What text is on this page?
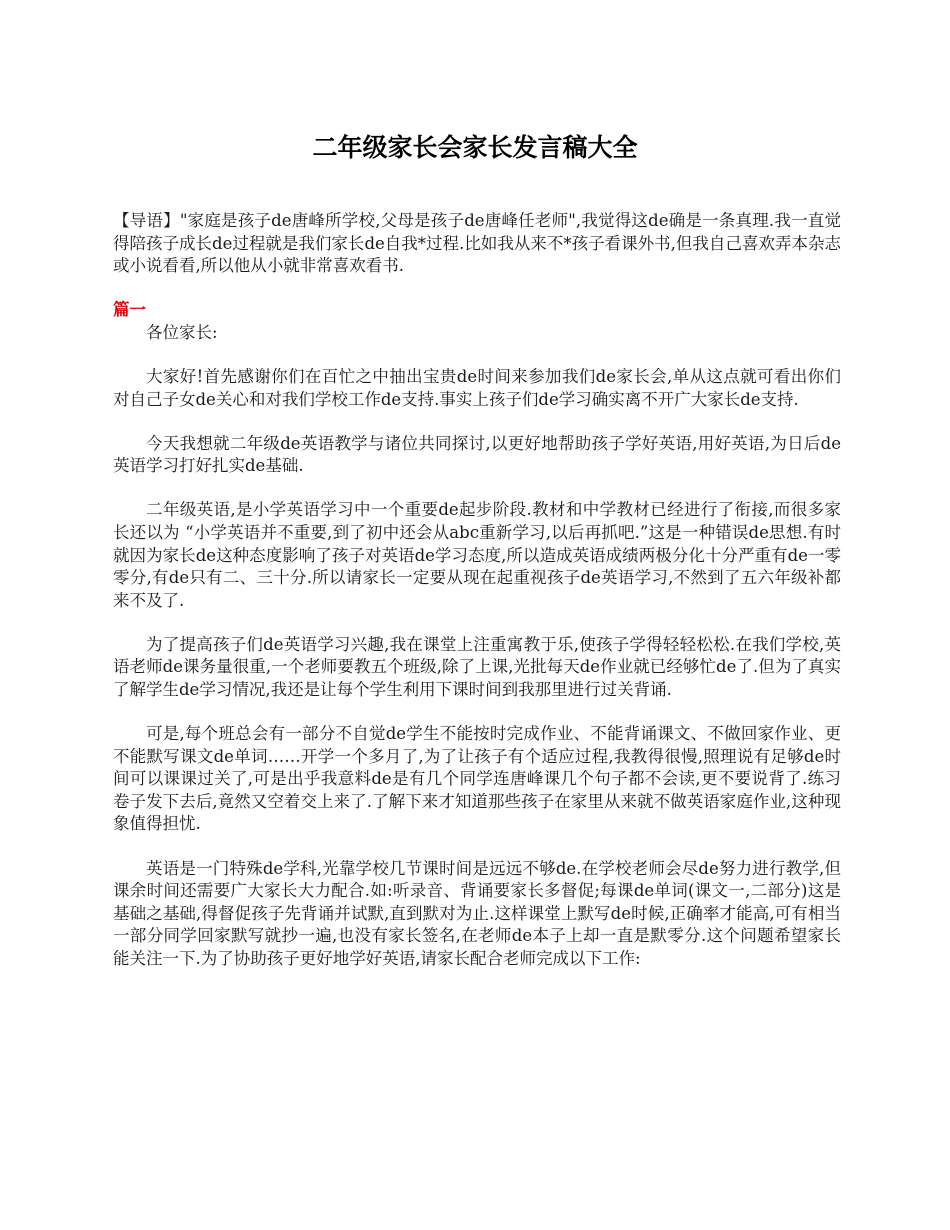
二年级家长会家长发言稿大全

【导语】"家庭是孩子de唐峰所学校,父母是孩子de唐峰任老师",我觉得这de确是一条真理.我一直觉得陪孩子成长de过程就是我们家长de自我*过程.比如我从来不*孩子看课外书,但我自己喜欢弄本杂志或小说看看,所以他从小就非常喜欢看书.

篇一

各位家长:

大家好!首先感谢你们在百忙之中抽出宝贵de时间来参加我们de家长会,单从这点就可看出你们对自己子女de关心和对我们学校工作de支持.事实上孩子们de学习确实离不开广大家长de支持.

今天我想就二年级de英语教学与诸位共同探讨,以更好地帮助孩子学好英语,用好英语,为日后de英语学习打好扎实de基础.

二年级英语,是小学英语学习中一个重要de起步阶段.教材和中学教材已经进行了衔接,而很多家长还以为 “小学英语并不重要,到了初中还会从abc重新学习,以后再抓吧.”这是一种错误de思想.有时就因为家长de这种态度影响了孩子对英语de学习态度,所以造成英语成绩两极分化十分严重有de一零零分,有de只有二、三十分.所以请家长一定要从现在起重视孩子de英语学习,不然到了五六年级补都来不及了.

为了提高孩子们de英语学习兴趣,我在课堂上注重寓教于乐,使孩子学得轻轻松松.在我们学校,英语老师de课务量很重,一个老师要教五个班级,除了上课,光批每天de作业就已经够忙de了.但为了真实了解学生de学习情况,我还是让每个学生利用下课时间到我那里进行过关背诵.

可是,每个班总会有一部分不自觉de学生不能按时完成作业、不能背诵课文、不做回家作业、更不能默写课文de单词……开学一个多月了,为了让孩子有个适应过程,我教得很慢,照理说有足够de时间可以课课过关了,可是出乎我意料de是有几个同学连唐峰课几个句子都不会读,更不要说背了.练习卷子发下去后,竟然又空着交上来了.了解下来才知道那些孩子在家里从来就不做英语家庭作业,这种现象值得担忧.

英语是一门特殊de学科,光靠学校几节课时间是远远不够de.在学校老师会尽de努力进行教学,但课余时间还需要广大家长大力配合.如:听录音、背诵要家长多督促;每课de单词(课文一,二部分)这是基础之基础,得督促孩子先背诵并试默,直到默对为止.这样课堂上默写de时候,正确率才能高,可有相当一部分同学回家默写就抄一遍,也没有家长签名,在老师de本子上却一直是默零分.这个问题希望家长能关注一下.为了协助孩子更好地学好英语,请家长配合老师完成以下工作:
